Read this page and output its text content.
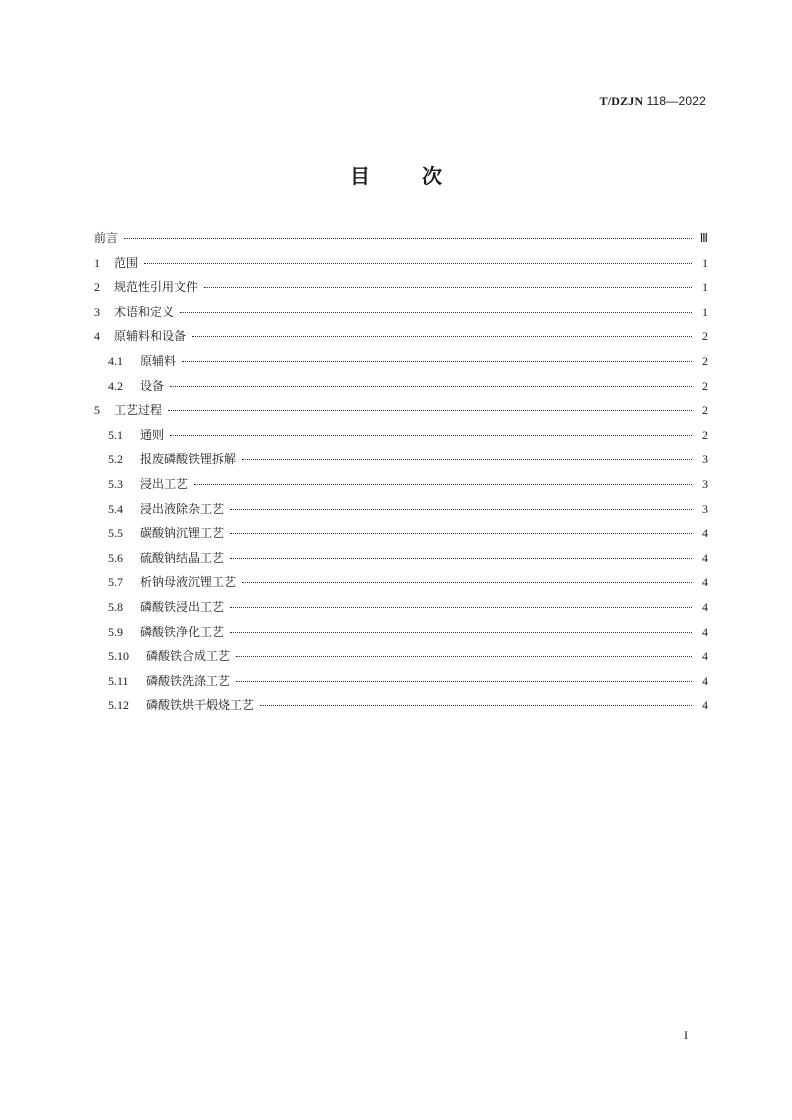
T/DZJN 118—2022
目	次
前言	Ⅲ
1	范围	1
2	规范性引用文件	1
3	术语和定义	1
4	原辅料和设备	2
4.1	原辅料	2
4.2	设备	2
5	工艺过程	2
5.1	通则	2
5.2	报废磷酸铁锂拆解	3
5.3	浸出工艺	3
5.4	浸出液除杂工艺	3
5.5	碳酸钠沉锂工艺	4
5.6	硫酸钠结晶工艺	4
5.7	析钠母液沉锂工艺	4
5.8	磷酸铁浸出工艺	4
5.9	磷酸铁净化工艺	4
5.10	磷酸铁合成工艺	4
5.11	磷酸铁洗涤工艺	4
5.12	磷酸铁烘干煅烧工艺	4
I
